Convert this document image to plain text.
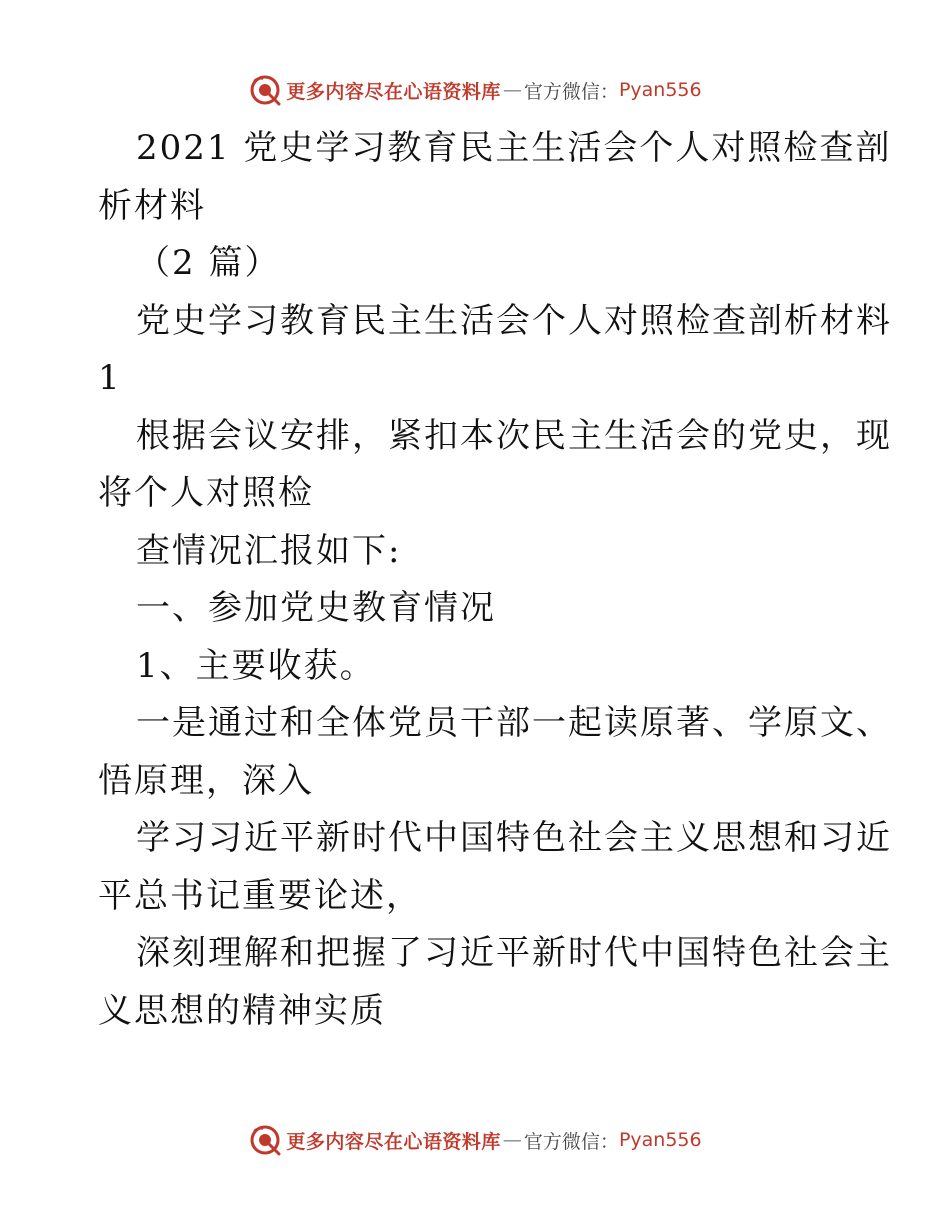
更多内容尽在心语资料库 — 官方微信： Pyan556
2021 党史学习教育民主生活会个人对照检查剖
析材料
（2 篇）
党史学习教育民主生活会个人对照检查剖析材料
1
根据会议安排，紧扣本次民主生活会的党史，现
将个人对照检
查情况汇报如下:
一、参加党史教育情况
1、主要收获。
一是通过和全体党员干部一起读原著、学原文、
悟原理，深入
学习习近平新时代中国特色社会主义思想和习近
平总书记重要论述，
深刻理解和把握了习近平新时代中国特色社会主
义思想的精神实质
更多内容尽在心语资料库 — 官方微信： Pyan556
